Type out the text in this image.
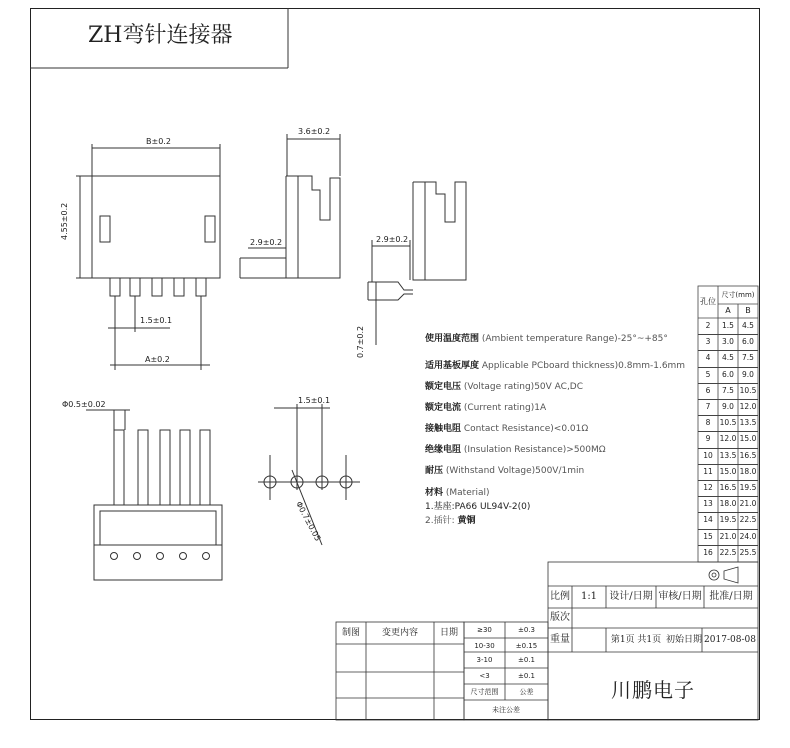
ZH弯针连接器
B±0.2
4.55±0.2
1.5±0.1
A±0.2
3.6±0.2
2.9±0.2	2.9±0.2
0.7±0.2
Φ0.5±0.02	1.5±0.1
Φ0.7±0.05
使用温度范围 (Ambient temperature Range)-25°~+85°
适用基板厚度 Applicable PCboard thickness)0.8mm-1.6mm
额定电压 (Voltage rating)50V AC,DC
额定电流 (Current rating)1A
接触电阻 Contact Resistance)<0.01Ω
绝缘电阻 (Insulation Resistance)>500MΩ
耐压 (Withstand Voltage)500V/1min
材料 (Material)
1.基座:PA66 UL94V-2(0)
2.插针: 黄铜
孔位
尺寸(mm)
A	B
2	1.5	4.5
3	3.0	6.0
4	4.5	7.5
5	6.0	9.0
6	7.5 10.5
7	9.0 12.0
8	10.5 13.5
9	12.0 15.0
10 13.5 16.5
11 15.0 18.0
12 16.5 19.5
13 18.0 21.0
14 19.5 22.5
15 21.0 24.0
16 22.5 25.5
比例	1:1	设计/日期 审核/日期 批准/日期
版次
重量	第1页 共1页 初始日期 2017-08-08
川鹏电子
制图	变更内容	日期	≥30	±0.3
10-30	±0.15
3-10	±0.1
<3	±0.1
尺寸范围	公差
未注公差
